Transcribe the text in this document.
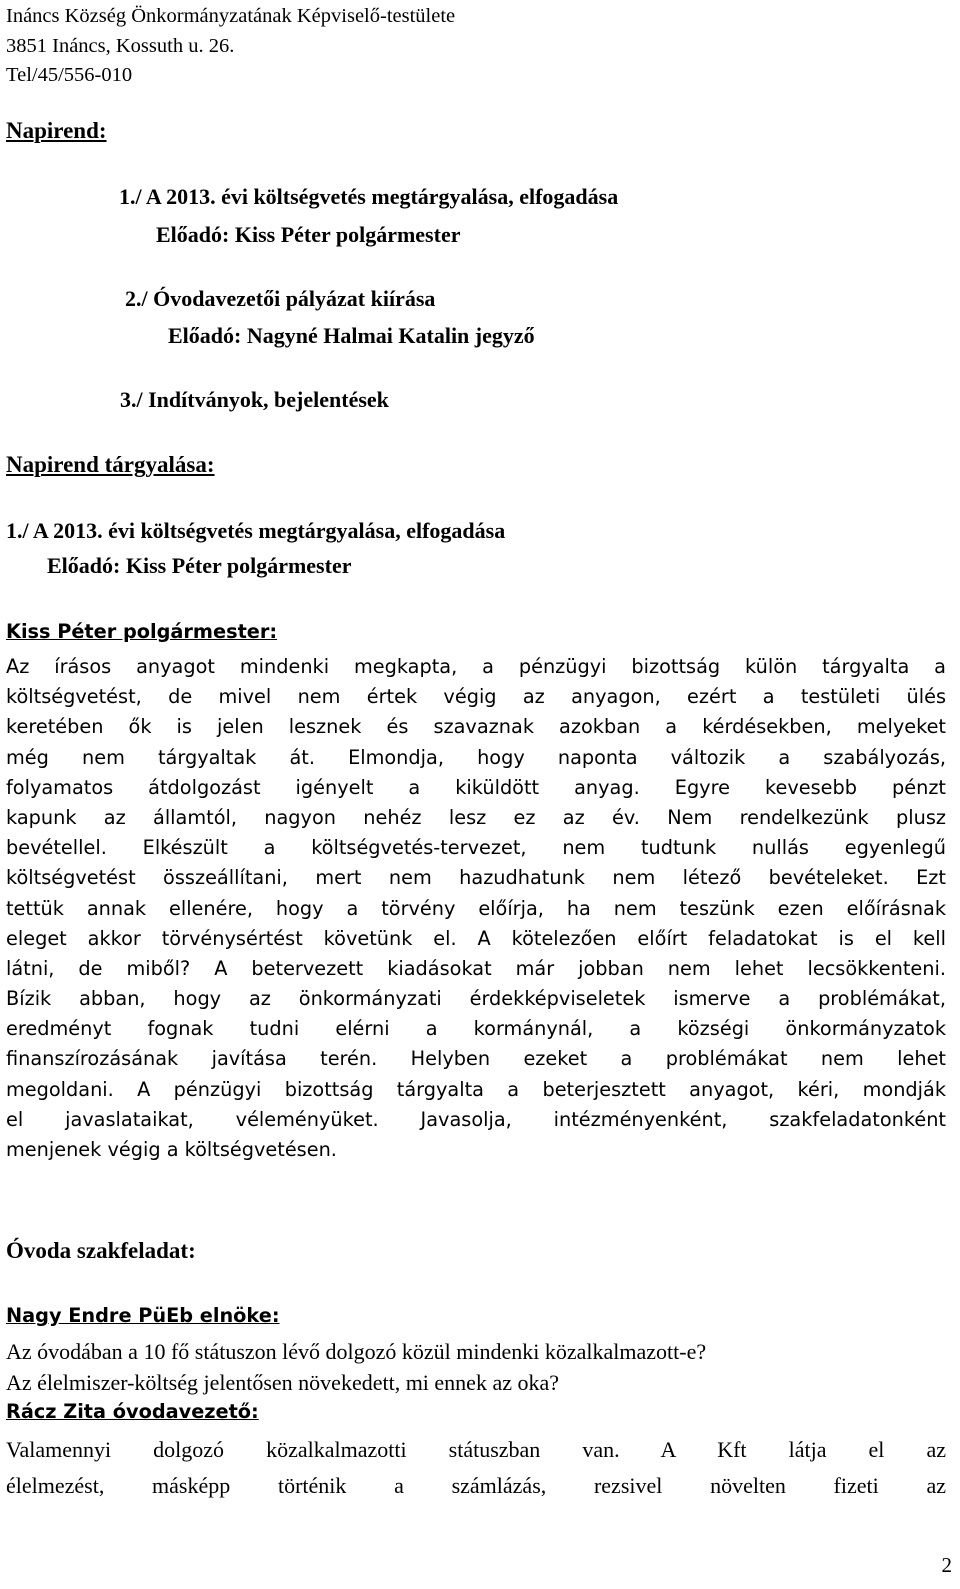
Ináncs Község Önkormányzatának Képviselő-testülete
3851 Ináncs, Kossuth u. 26.
Tel/45/556-010
Napirend:
1./ A 2013. évi költségvetés megtárgyalása, elfogadása
Előadó: Kiss Péter polgármester
2./ Óvodavezetői pályázat kiírása
Előadó: Nagyné Halmai Katalin jegyző
3./ Indítványok, bejelentések
Napirend tárgyalása:
1./ A 2013. évi költségvetés megtárgyalása, elfogadása
Előadó: Kiss Péter polgármester
Kiss Péter polgármester:
Az írásos anyagot mindenki megkapta, a pénzügyi bizottság külön tárgyalta a
költségvetést, de mivel nem értek végig az anyagon, ezért a testületi ülés
keretében ők is jelen lesznek és szavaznak azokban a kérdésekben, melyeket
még nem tárgyaltak át. Elmondja, hogy naponta változik a szabályozás,
folyamatos átdolgozást igényelt a kiküldött anyag. Egyre kevesebb pénzt
kapunk az államtól, nagyon nehéz lesz ez az év. Nem rendelkezünk plusz
bevétellel. Elkészült a költségvetés-tervezet, nem tudtunk nullás egyenlegű
költségvetést összeállítani, mert nem hazudhatunk nem létező bevételeket. Ezt
tettük annak ellenére, hogy a törvény előírja, ha nem teszünk ezen előírásnak
eleget akkor törvénysértést követünk el. A kötelezően előírt feladatokat is el kell
látni, de miből? A betervezett kiadásokat már jobban nem lehet lecsökkenteni.
Bízik abban, hogy az önkormányzati érdekképviseletek ismerve a problémákat,
eredményt fognak tudni elérni a kormánynál, a községi önkormányzatok
finanszírozásának javítása terén. Helyben ezeket a problémákat nem lehet
megoldani. A pénzügyi bizottság tárgyalta a beterjesztett anyagot, kéri, mondják
el javaslataikat, véleményüket. Javasolja, intézményenként, szakfeladatonként
menjenek végig a költségvetésen.
Óvoda szakfeladat:
Nagy Endre PüEb elnöke:
Az óvodában a 10 fő státuszon lévő dolgozó közül mindenki közalkalmazott-e?
Az élelmiszer-költség jelentősen növekedett, mi ennek az oka?
Rácz Zita óvodavezető:
Valamennyi dolgozó közalkalmazotti státuszban van. A Kft látja el az
élelmezést, másképp történik a számlázás, rezsivel növelten fizeti az
2
